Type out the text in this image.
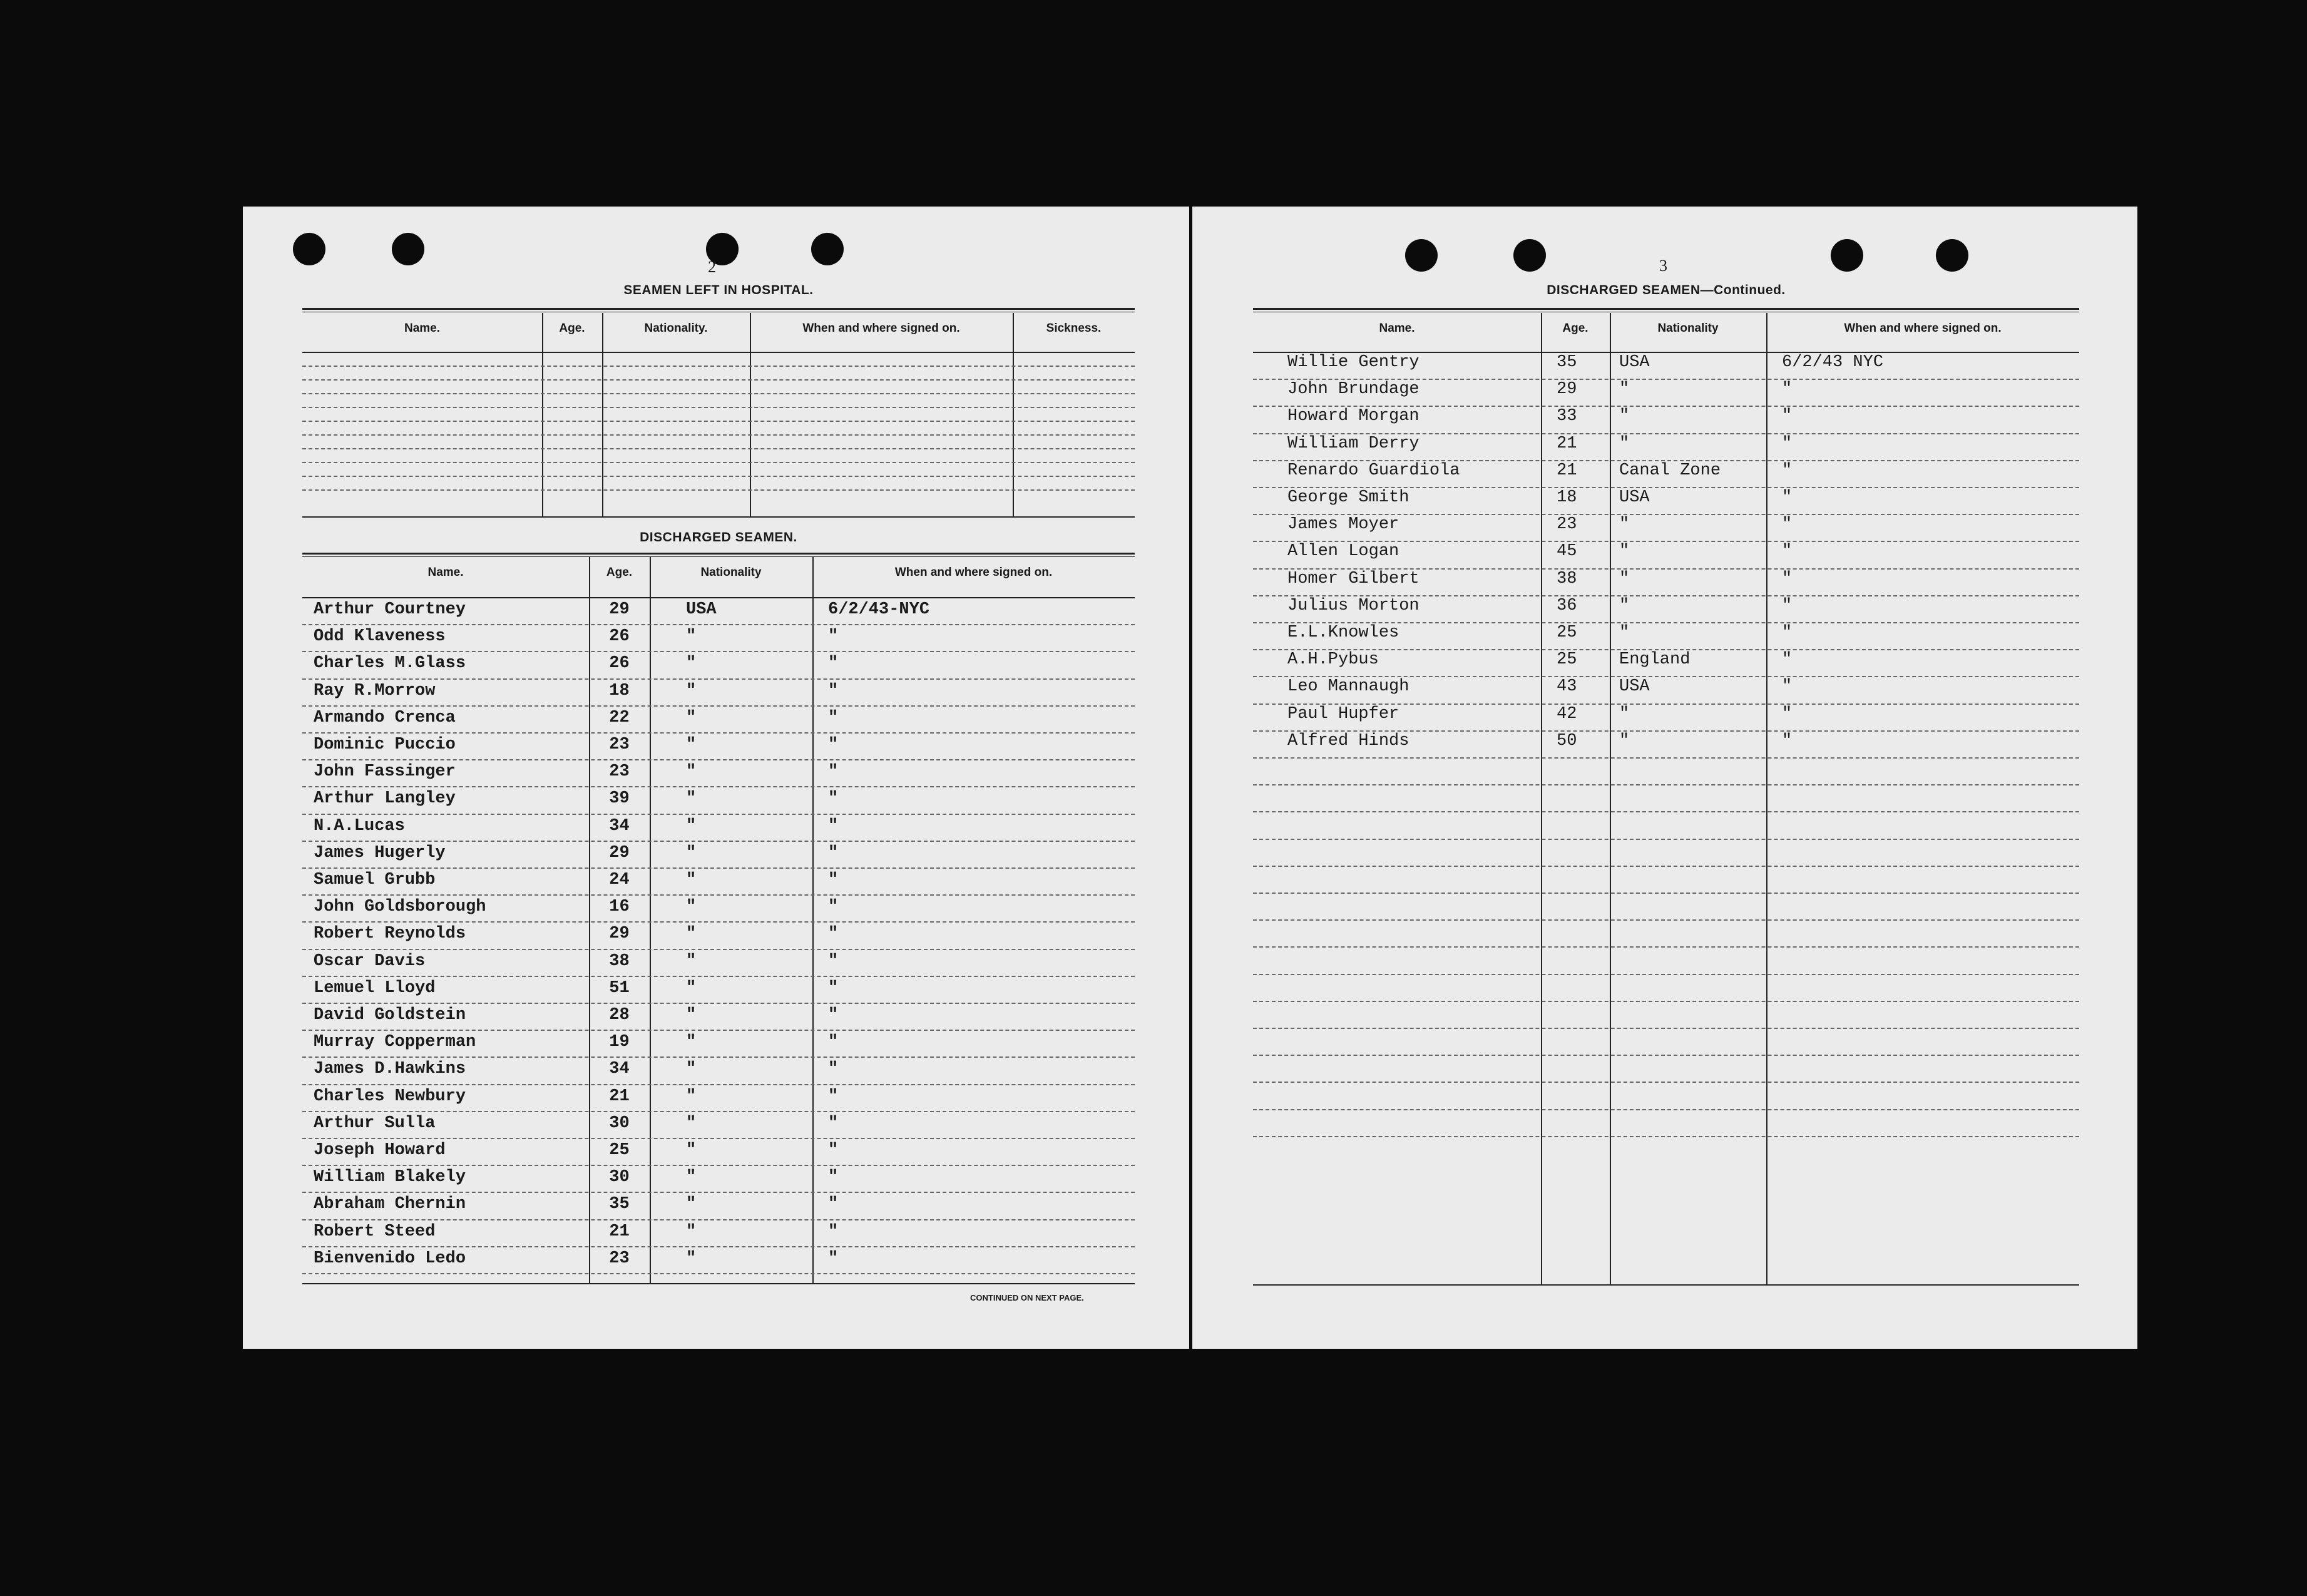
2
SEAMEN LEFT IN HOSPITAL.
DISCHARGED SEAMEN.
CONTINUED ON NEXT PAGE.
Name.	Age.	Nationality.	When and where signed on.	Sickness.
Name.	Age.	Nationality	When and where signed on.
Arthur Courtney	29	USA	6/2/43-NYC
Odd Klaveness	26	"	"
Charles M.Glass	26	"	"
Ray R.Morrow	18	"	"
Armando Crenca	22	"	"
Dominic Puccio	23	"	"
John Fassinger	23	"	"
Arthur Langley	39	"	"
N.A.Lucas	34	"	"
James Hugerly	29	"	"
Samuel Grubb	24	"	"
John Goldsborough	16	"	"
Robert Reynolds	29	"	"
Oscar Davis	38	"	"
Lemuel Lloyd	51	"	"
David Goldstein	28	"	"
Murray Copperman	19	"	"
James D.Hawkins	34	"	"
Charles Newbury	21	"	"
Arthur Sulla	30	"	"
Joseph Howard	25	"	"
William Blakely	30	"	"
Abraham Chernin	35	"	"
Robert Steed	21	"	"
Bienvenido Ledo	23	"	"
3
DISCHARGED SEAMEN—Continued.
Name.	Age.	Nationality	When and where signed on.
Willie Gentry	35	USA	6/2/43 NYC
John Brundage	29	"	"
Howard Morgan	33	"	"
William Derry	21	"	"
Renardo Guardiola	21	Canal Zone	"
George Smith	18	USA	"
James Moyer	23	"	"
Allen Logan	45	"	"
Homer Gilbert	38	"	"
Julius Morton	36	"	"
E.L.Knowles	25	"	"
A.H.Pybus	25	England	"
Leo Mannaugh	43	USA	"
Paul Hupfer	42	"	"
Alfred Hinds	50	"	"
